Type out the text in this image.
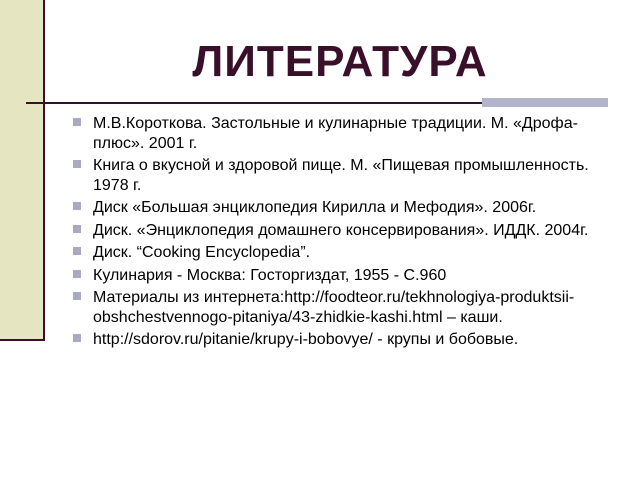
ЛИТЕРАТУРА
М.В.Короткова. Застольные и кулинарные традиции. М. «Дрофа-плюс». 2001 г.
Книга о вкусной и здоровой пище. М. «Пищевая промышленность. 1978 г.
Диск «Большая энциклопедия Кирилла и Мефодия». 2006г.
Диск. «Энциклопедия домашнего консервирования». ИДДК. 2004г.
Диск. “Cooking Encyclopedia”.
Кулинария - Москва: Госторгиздат, 1955 - С.960
Материалы из интернета:http://foodteor.ru/tekhnologiya-produktsii-obshchestvennogo-pitaniya/43-zhidkie-kashi.html – каши.
http://sdorov.ru/pitanie/krupy-i-bobovye/ - крупы и бобовые.
